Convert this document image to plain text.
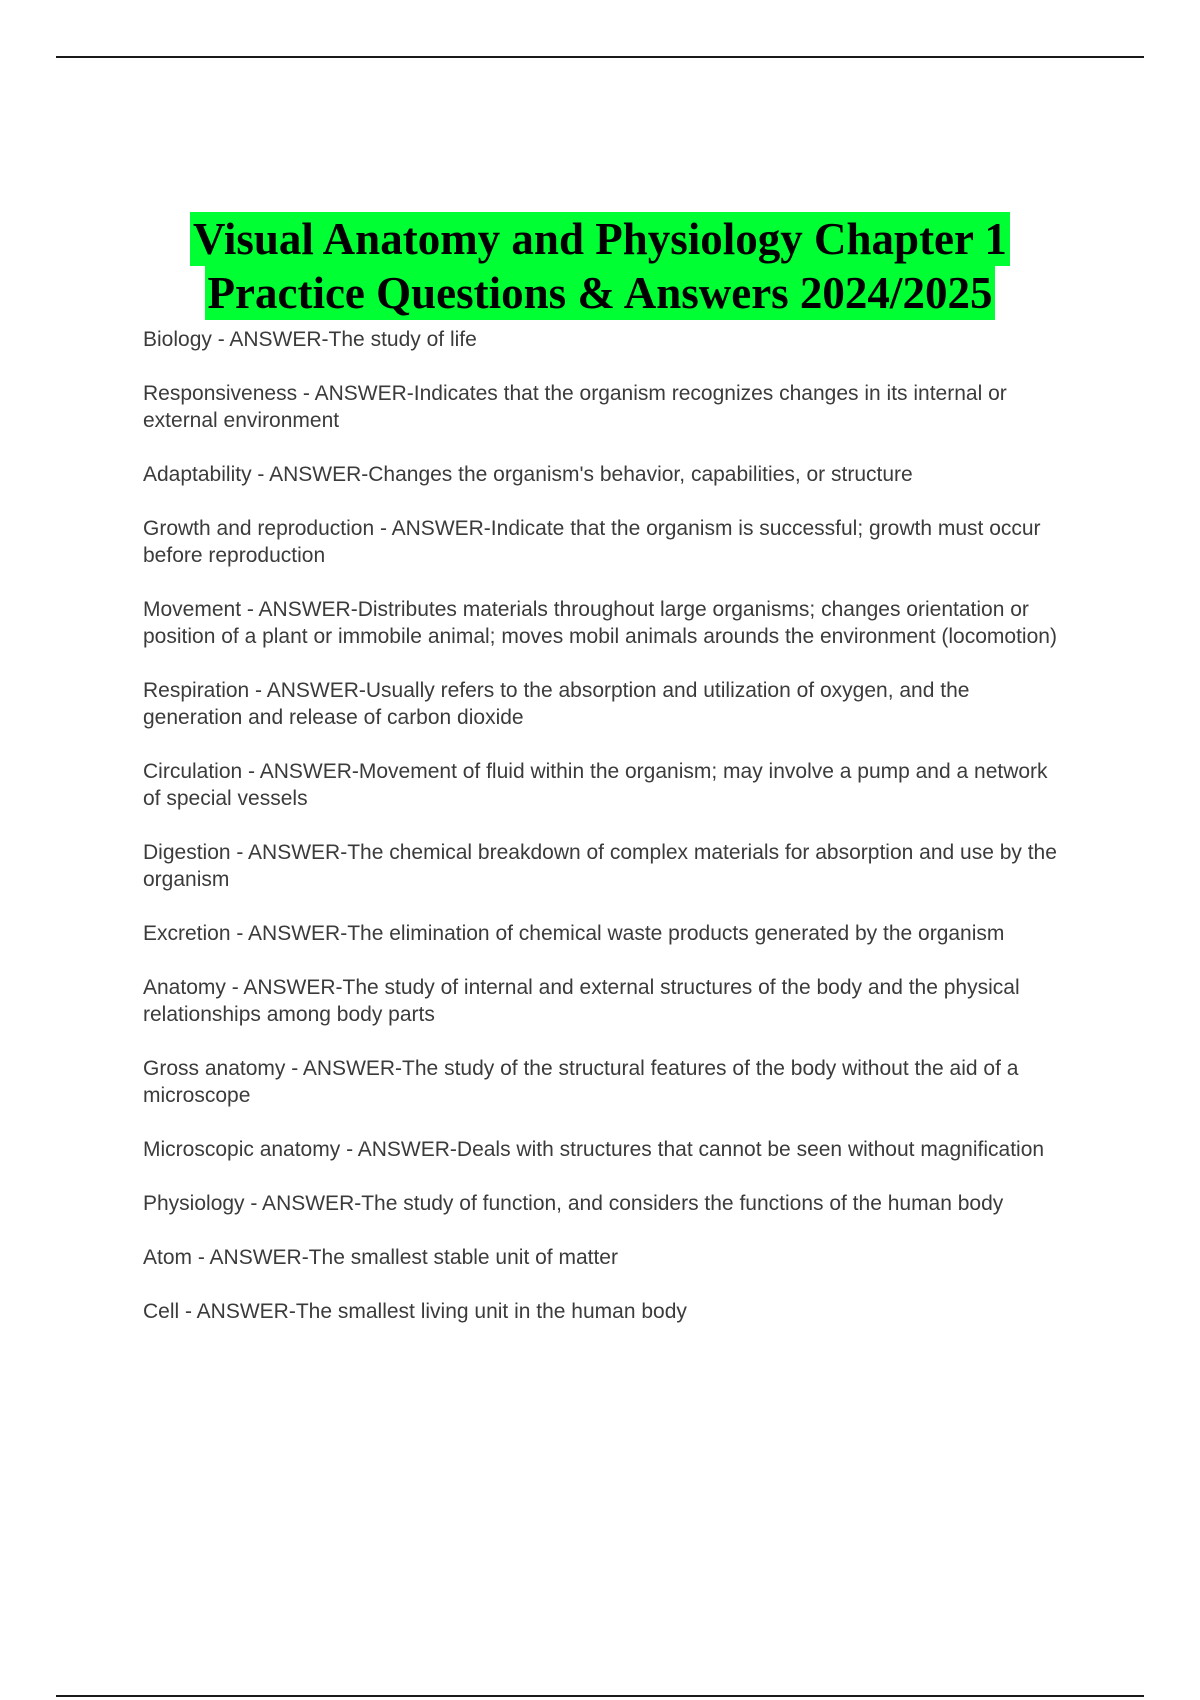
Visual Anatomy and Physiology Chapter 1
Practice Questions & Answers 2024/2025
Biology - ANSWER-The study of life
Responsiveness - ANSWER-Indicates that the organism recognizes changes in its internal or external environment
Adaptability - ANSWER-Changes the organism's behavior, capabilities, or structure
Growth and reproduction - ANSWER-Indicate that the organism is successful; growth must occur before reproduction
Movement - ANSWER-Distributes materials throughout large organisms; changes orientation or position of a plant or immobile animal; moves mobil animals arounds the environment (locomotion)
Respiration - ANSWER-Usually refers to the absorption and utilization of oxygen, and the generation and release of carbon dioxide
Circulation - ANSWER-Movement of fluid within the organism; may involve a pump and a network of special vessels
Digestion - ANSWER-The chemical breakdown of complex materials for absorption and use by the organism
Excretion - ANSWER-The elimination of chemical waste products generated by the organism
Anatomy - ANSWER-The study of internal and external structures of the body and the physical relationships among body parts
Gross anatomy - ANSWER-The study of the structural features of the body without the aid of a microscope
Microscopic anatomy - ANSWER-Deals with structures that cannot be seen without magnification
Physiology - ANSWER-The study of function, and considers the functions of the human body
Atom - ANSWER-The smallest stable unit of matter
Cell - ANSWER-The smallest living unit in the human body
